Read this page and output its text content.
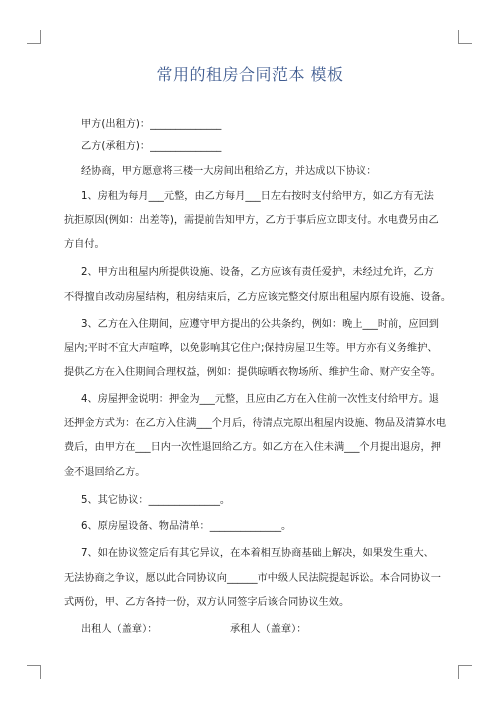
常用的租房合同范本 模板
甲方(出租方)：______________
乙方(承租方)：______________
经协商，甲方愿意将三楼一大房间出租给乙方，并达成以下协议：
1、房租为每月___元整，由乙方每月___日左右按时支付给甲方，如乙方有无法
抗拒原因(例如：出差等)，需提前告知甲方，乙方于事后应立即支付。水电费另由乙
方自付。
2、甲方出租屋内所提供设施、设备，乙方应该有责任爱护，未经过允许，乙方
不得擅自改动房屋结构，租房结束后，乙方应该完整交付原出租屋内原有设施、设备。
3、乙方在入住期间，应遵守甲方提出的公共条约，例如：晚上___时前，应回到
屋内;平时不宜大声喧哗，以免影响其它住户;保持房屋卫生等。甲方亦有义务维护、
提供乙方在入住期间合理权益，例如：提供晾晒衣物场所、维护生命、财产安全等。
4、房屋押金说明：押金为___元整，且应由乙方在入住前一次性支付给甲方。退
还押金方式为：在乙方入住满___个月后，待清点完原出租屋内设施、物品及清算水电
费后，由甲方在___日内一次性退回给乙方。如乙方在入住未满___个月提出退房，押
金不退回给乙方。
5、其它协议：______________。
6、原房屋设备、物品清单：______________。
7、如在协议签定后有其它异议，在本着相互协商基础上解决，如果发生重大、
无法协商之争议，愿以此合同协议向______市中级人民法院提起诉讼。本合同协议一
式两份，甲、乙方各持一份，双方认同签字后该合同协议生效。
出租人（盖章）：	承租人（盖章）：
